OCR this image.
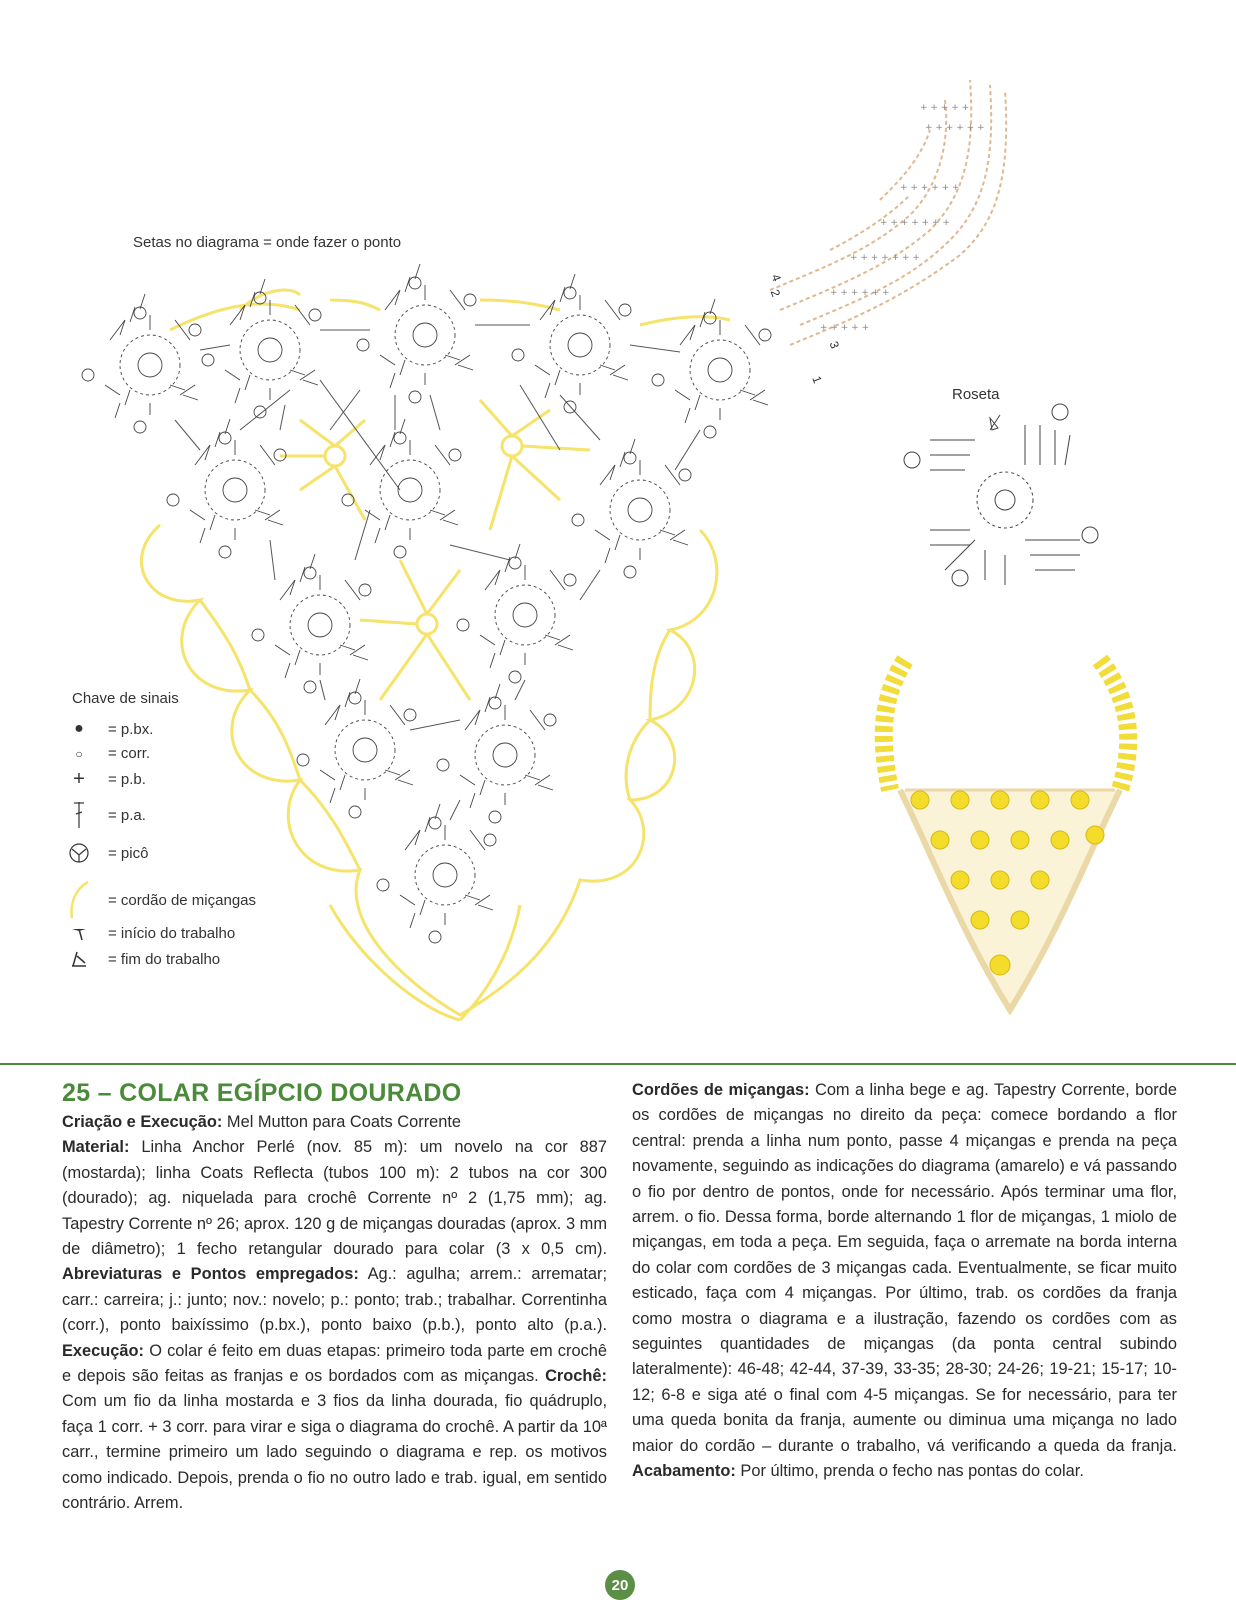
+ + + + +
+ + + + + +
+ + + + + +
+ + + + + + +
+ + + + + + +
+ + + + + +
+ + + + +
4
2
3
1
Setas no diagrama = onde fazer o ponto
Roseta
Chave de sinais
●	= p.bx.
○	= corr.
+	= p.b.
= p.a.
= picô
= cordão de miçangas
= início do trabalho
= fim do trabalho
25 – COLAR EGÍPCIO DOURADO
Criação e Execução: Mel Mutton para Coats Corrente
Material: Linha Anchor Perlé (nov. 85 m): um novelo na cor 887 (mostarda); linha Coats Reflecta (tubos 100 m): 2 tubos na cor 300 (dourado); ag. niquelada para crochê Corrente nº 2 (1,75 mm); ag. Tapestry Corrente nº 26; aprox. 120 g de miçangas douradas (aprox. 3 mm de diâmetro); 1 fecho retangular dourado para colar (3 x 0,5 cm). Abreviaturas e Pontos empregados: Ag.: agulha; arrem.: arrematar; carr.: carreira; j.: junto; nov.: novelo; p.: ponto; trab.; trabalhar. Correntinha (corr.), ponto baixíssimo (p.bx.), ponto baixo (p.b.), ponto alto (p.a.). Execução: O colar é feito em duas etapas: primeiro toda parte em crochê e depois são feitas as franjas e os bordados com as miçangas. Crochê: Com um fio da linha mostarda e 3 fios da linha dourada, fio quádruplo, faça 1 corr. + 3 corr. para virar e siga o diagrama do crochê. A partir da 10ª carr., termine primeiro um lado seguindo o diagrama e rep. os motivos como indicado. Depois, prenda o fio no outro lado e trab. igual, em sentido contrário. Arrem.
Cordões de miçangas: Com a linha bege e ag. Tapestry Corrente, borde os cordões de miçangas no direito da peça: comece bordando a flor central: prenda a linha num ponto, passe 4 miçangas e prenda na peça novamente, seguindo as indicações do diagrama (amarelo) e vá passando o fio por dentro de pontos, onde for necessário. Após terminar uma flor, arrem. o fio. Dessa forma, borde alternando 1 flor de miçangas, 1 miolo de miçangas, em toda a peça. Em seguida, faça o arremate na borda interna do colar com cordões de 3 miçangas cada. Eventualmente, se ficar muito esticado, faça com 4 miçangas. Por último, trab. os cordões da franja como mostra o diagrama e a ilustração, fazendo os cordões com as seguintes quantidades de miçangas (da ponta central subindo lateralmente): 46-48; 42-44, 37-39, 33-35; 28-30; 24-26; 19-21; 15-17; 10-12; 6-8 e siga até o final com 4-5 miçangas. Se for necessário, para ter uma queda bonita da franja, aumente ou diminua uma miçanga no lado maior do cordão – durante o trabalho, vá verificando a queda da franja. Acabamento: Por último, prenda o fecho nas pontas do colar.
20
